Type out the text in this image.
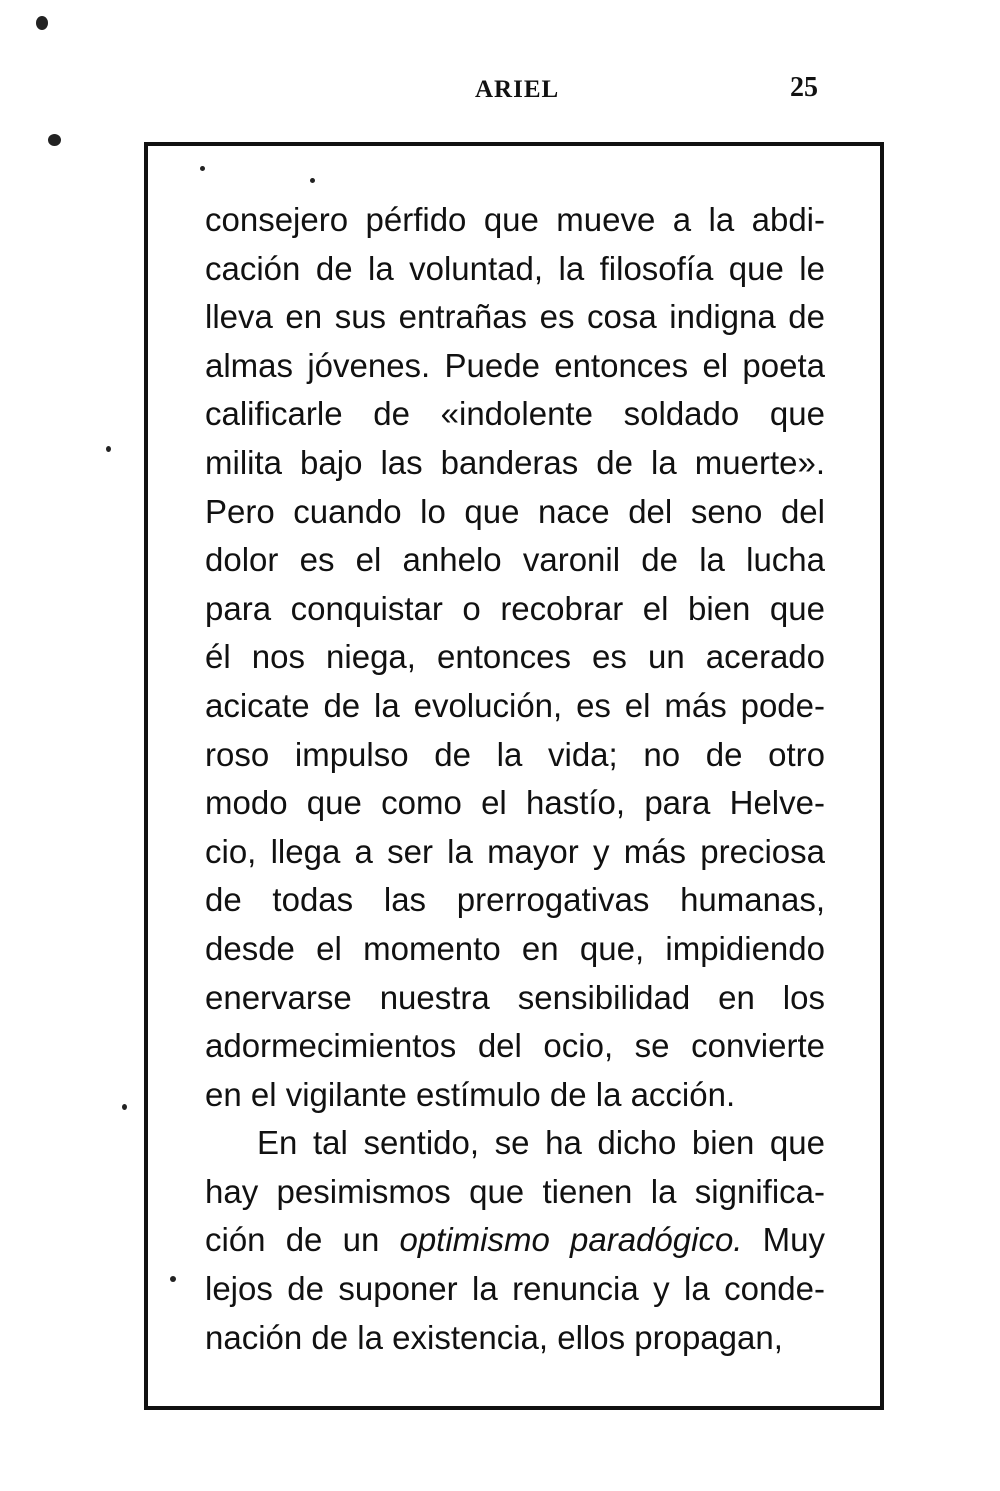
ARIEL	25
consejero pérfido que mueve a la abdi-
cación de la voluntad, la filosofía que le
lleva en sus entrañas es cosa indigna de
almas jóvenes. Puede entonces el poeta
calificarle de «indolente soldado que
milita bajo las banderas de la muerte».
Pero cuando lo que nace del seno del
dolor es el anhelo varonil de la lucha
para conquistar o recobrar el bien que
él nos niega, entonces es un acerado
acicate de la evolución, es el más pode-
roso impulso de la vida; no de otro
modo que como el hastío, para Helve-
cio, llega a ser la mayor y más preciosa
de todas las prerrogativas humanas,
desde el momento en que, impidiendo
enervarse nuestra sensibilidad en los
adormecimientos del ocio, se convierte
en el vigilante estímulo de la acción.
En tal sentido, se ha dicho bien que
hay pesimismos que tienen la significa-
ción de un optimismo paradógico. Muy
lejos de suponer la renuncia y la conde-
nación de la existencia, ellos propagan,
